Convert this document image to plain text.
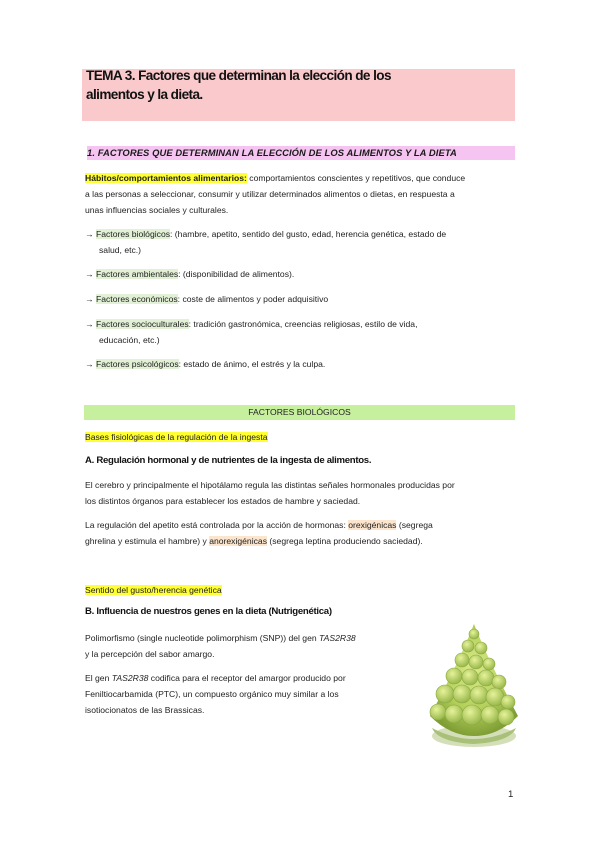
TEMA 3. Factores que determinan la elección de los
alimentos y la dieta.
1. FACTORES QUE DETERMINAN LA ELECCIÓN DE LOS ALIMENTOS Y LA DIETA
Hábitos/comportamientos alimentarios: comportamientos conscientes y repetitivos, que conduce
a las personas a seleccionar, consumir y utilizar determinados alimentos o dietas, en respuesta a
unas influencias sociales y culturales.
→ Factores biológicos: (hambre, apetito, sentido del gusto, edad, herencia genética, estado de
salud, etc.)
→ Factores ambientales: (disponibilidad de alimentos).
→ Factores económicos: coste de alimentos y poder adquisitivo
→ Factores socioculturales: tradición gastronómica, creencias religiosas, estilo de vida,
educación, etc.)
→ Factores psicológicos: estado de ánimo, el estrés y la culpa.
FACTORES BIOLÓGICOS
Bases fisiológicas de la regulación de la ingesta
A. Regulación hormonal y de nutrientes de la ingesta de alimentos.
El cerebro y principalmente el hipotálamo regula las distintas señales hormonales producidas por
los distintos órganos para establecer los estados de hambre y saciedad.
La regulación del apetito está controlada por la acción de hormonas: orexigénicas (segrega
ghrelina y estimula el hambre) y anorexigénicas (segrega leptina produciendo saciedad).
Sentido del gusto/herencia genética
B. Influencia de nuestros genes en la dieta (Nutrigenética)
Polimorfismo (single nucleotide polimorphism (SNP)) del gen TAS2R38
y la percepción del sabor amargo.
El gen TAS2R38 codifica para el receptor del amargor producido por
Feniltiocarbamida (PTC), un compuesto orgánico muy similar a los
isotiocionatos de las Brassicas.
1
